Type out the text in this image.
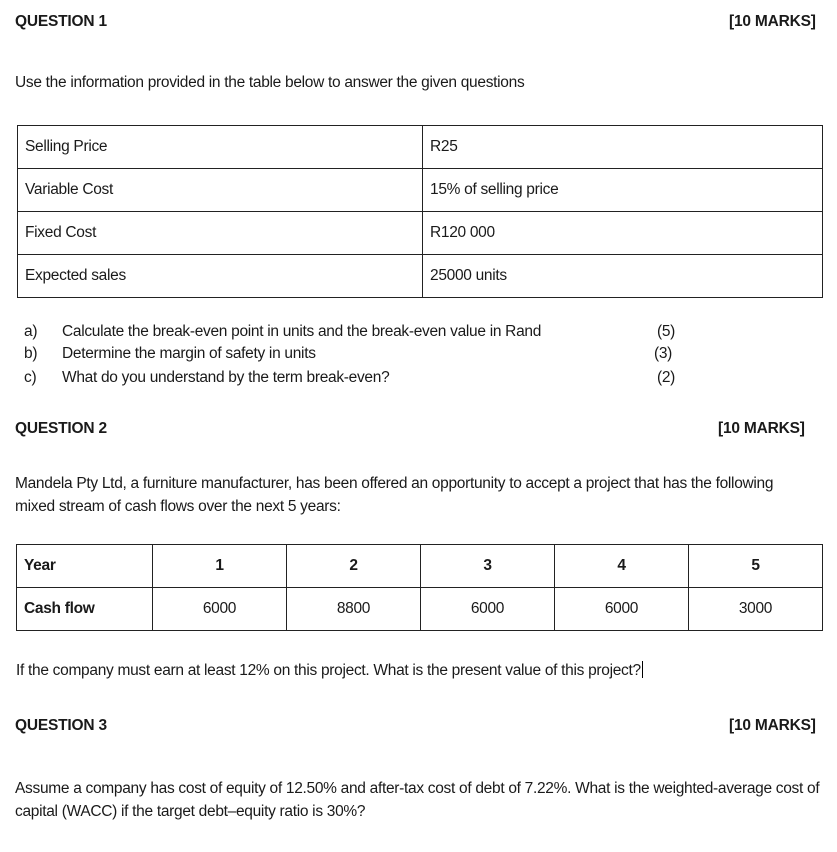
QUESTION 1	[10 MARKS]
Use the information provided in the table below to answer the given questions
Selling Price	R25
Variable Cost	15% of selling price
Fixed Cost	R120 000
Expected sales	25000 units
a) Calculate the break-even point in units and the break-even value in Rand	(5)
b) Determine the margin of safety in units	(3)
c) What do you understand by the term break-even?	(2)
QUESTION 2	[10 MARKS]
Mandela Pty Ltd, a furniture manufacturer, has been offered an opportunity to accept a project that has the following mixed stream of cash flows over the next 5 years:
Year	1	2	3	4	5
Cash flow	6000	8800	6000	6000	3000
If the company must earn at least 12% on this project. What is the present value of this project?
QUESTION 3	[10 MARKS]
Assume a company has cost of equity of 12.50% and after-tax cost of debt of 7.22%. What is the weighted-average cost of capital (WACC) if the target debt–equity ratio is 30%?
